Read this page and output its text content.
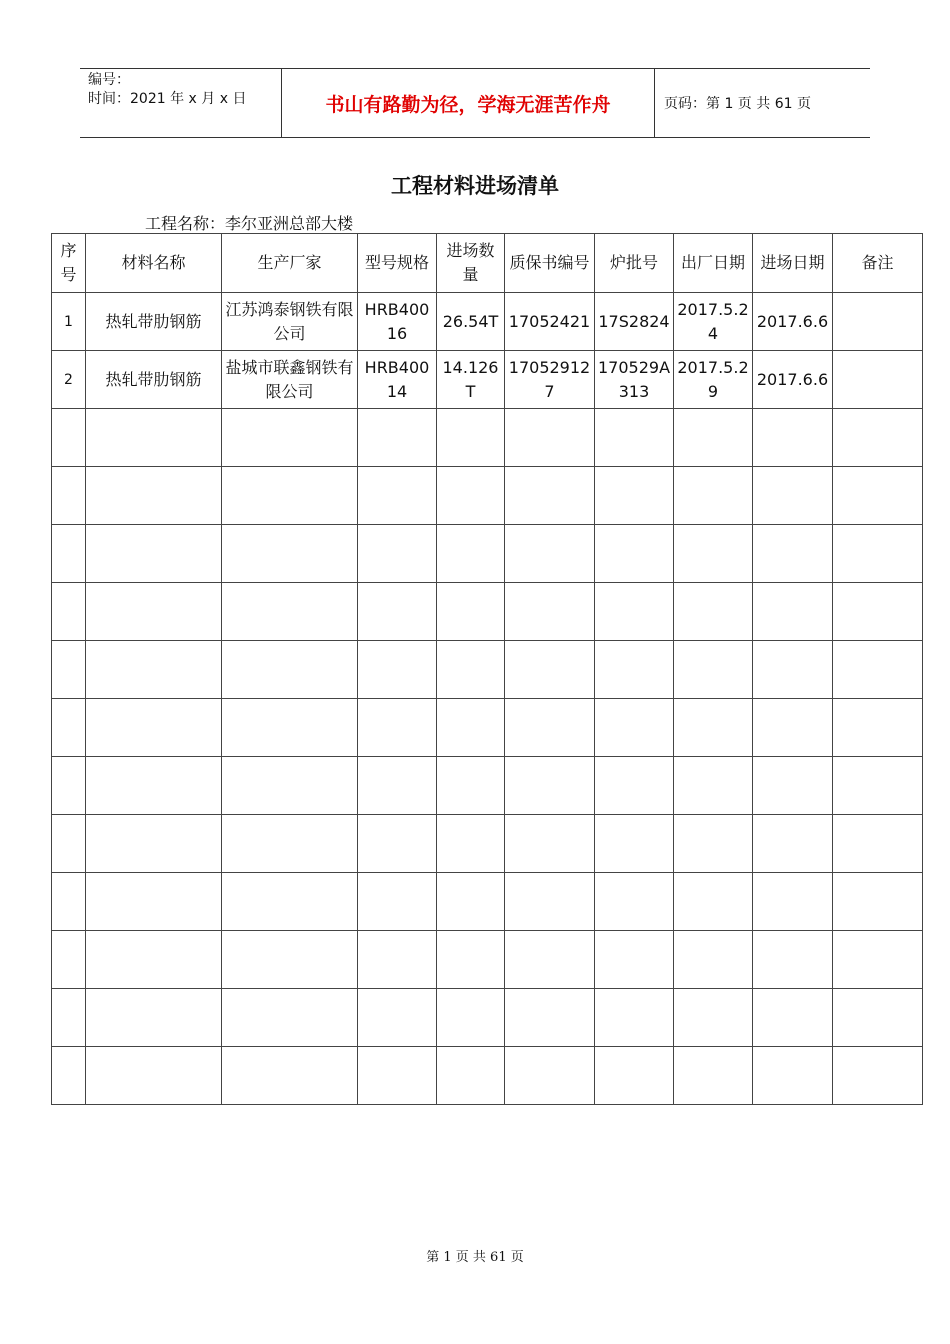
编号：
时间：2021 年 x 月 x 日	书山有路勤为径，学海无涯苦作舟	页码：第 1 页 共 61 页
工程材料进场清单
工程名称：李尔亚洲总部大楼
序号	材料名称	生产厂家	型号规格	进场数量	质保书编号	炉批号	出厂日期	进场日期	备注
1	热轧带肋钢筋	江苏鸿泰钢铁有限公司	HRB40016	26.54T	17052421	17S2824	2017.5.24	2017.6.6	
2	热轧带肋钢筋	盐城市联鑫钢铁有限公司	HRB40014	14.126T	170529127	170529A313	2017.5.29	2017.6.6	

第 1 页 共 61 页
